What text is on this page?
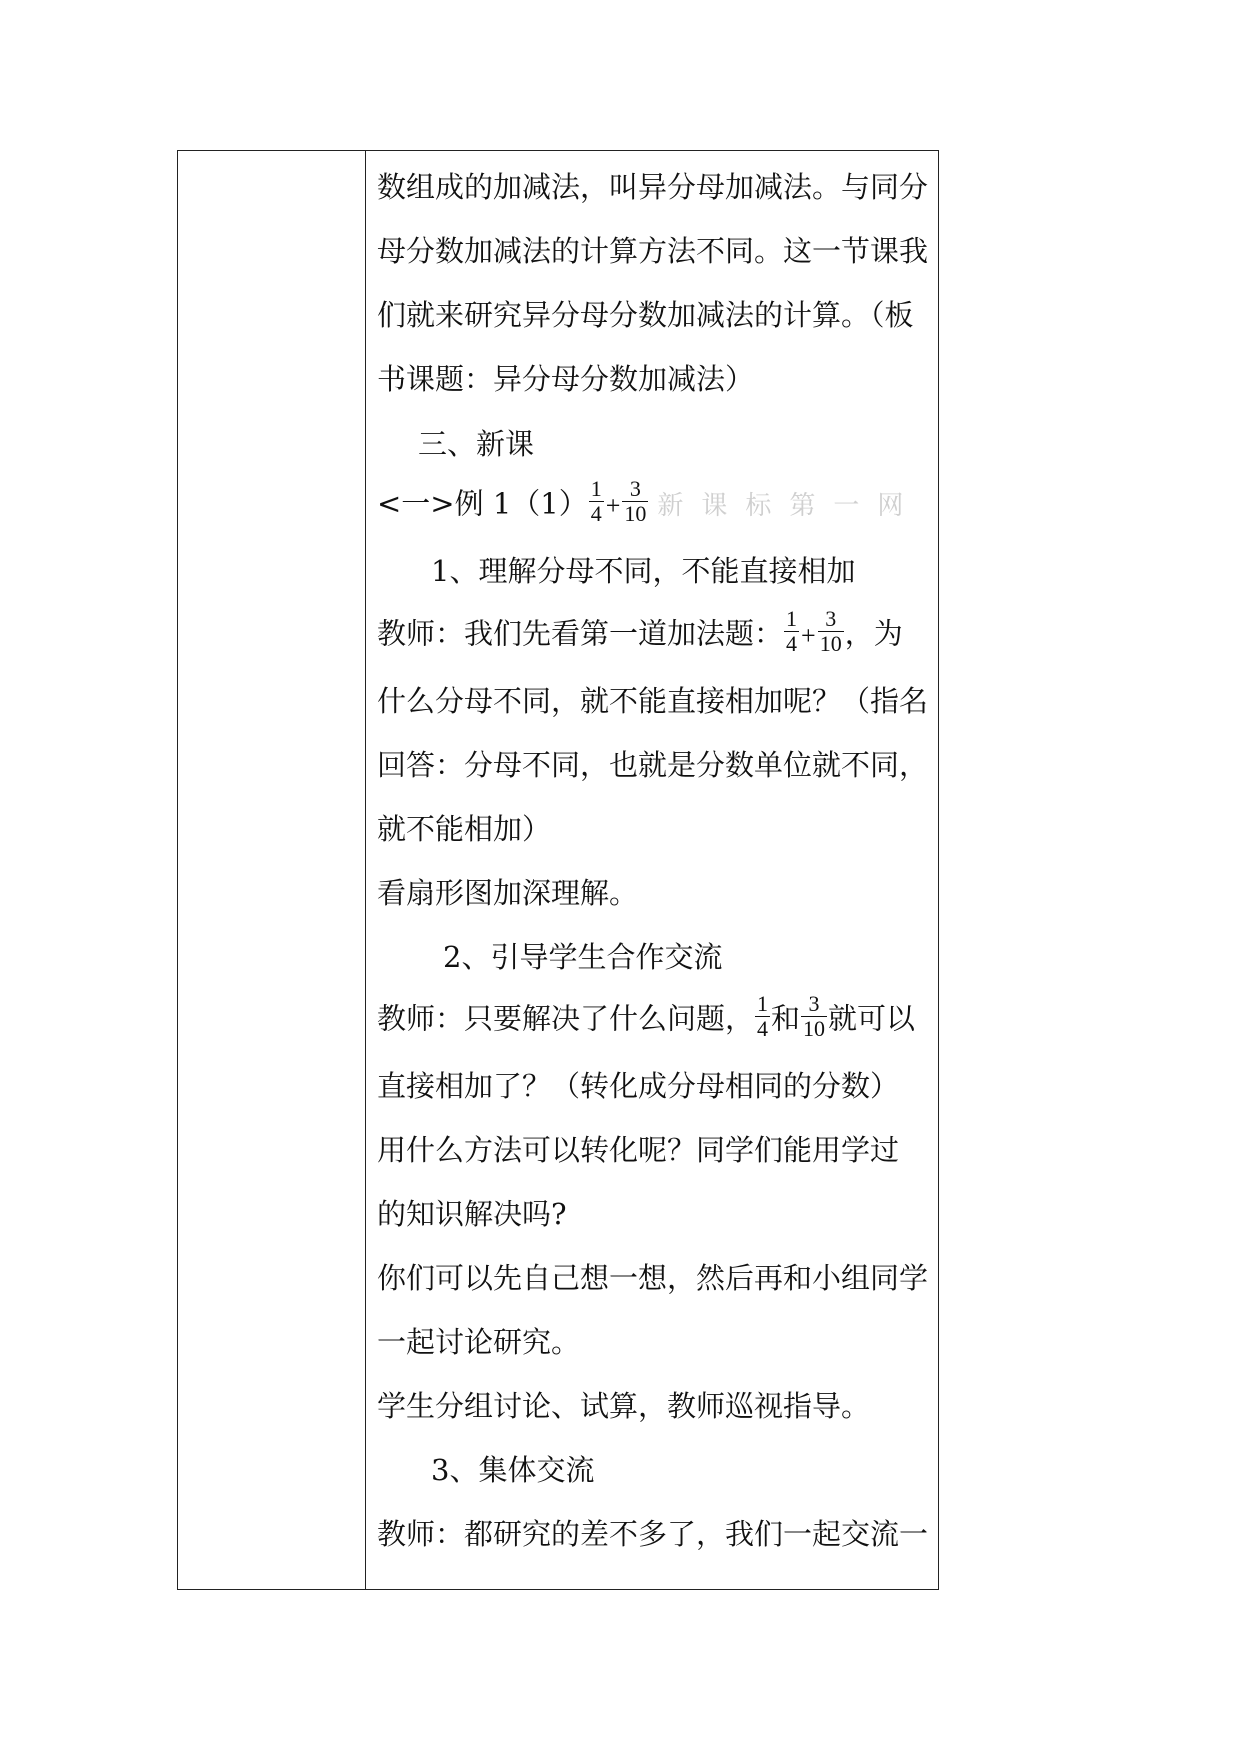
数组成的加减法，叫异分母加减法。与同分
母分数加减法的计算方法不同。这一节课我
们就来研究异分母分数加减法的计算。（板
书课题：异分母分数加减法）
三、新课
<一>例 $1(1) \frac{1}{4} + \frac{3}{10}$ 新课标第一网
1、理解分母不同，不能直接相加
教师：我们先看第一道加法题： $\frac{1}{4} + \frac{3}{10}$ ，为
什么分母不同，就不能直接相加呢？（指名
回答：分母不同，也就是分数单位就不同，
就不能相加）
看扇形图加深理解。
2、引导学生合作交流
教师：只要解决了什么问题， $\frac{1}{4}$ 和 $\frac{3}{10}$ 就可以
直接相加了？（转化成分母相同的分数）
用什么方法可以转化呢？同学们能用学过
的知识解决吗?
你们可以先自己想一想，然后再和小组同学
一起讨论研究。
学生分组讨论、试算，教师巡视指导。
3、集体交流
教师：都研究的差不多了，我们一起交流一
